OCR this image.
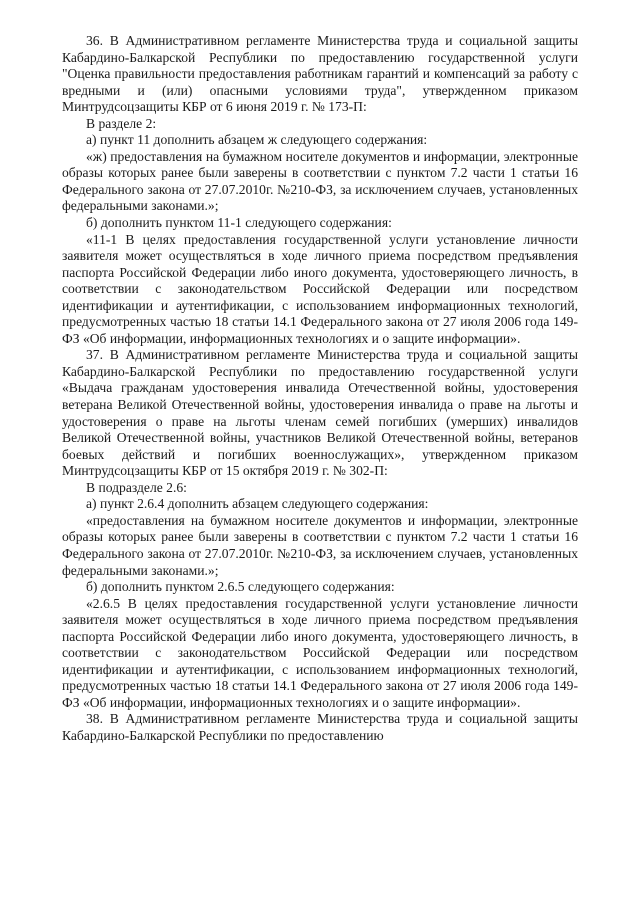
36. В Административном регламенте Министерства труда и социальной защиты Кабардино-Балкарской Республики по предоставлению государственной услуги "Оценка правильности предоставления работникам гарантий и компенсаций за работу с вредными и (или) опасными условиями труда", утвержденном приказом Минтрудсоцзащиты КБР от 6 июня 2019 г. № 173-П:

В разделе 2:

а) пункт 11 дополнить абзацем ж следующего содержания:

«ж) предоставления на бумажном носителе документов и информации, электронные образы которых ранее были заверены в соответствии с пунктом 7.2 части 1 статьи 16 Федерального закона от 27.07.2010г. №210-ФЗ, за исключением случаев, установленных федеральными законами.»;

б) дополнить пунктом 11-1 следующего содержания:

«11-1 В целях предоставления государственной услуги установление личности заявителя может осуществляться в ходе личного приема посредством предъявления паспорта Российской Федерации либо иного документа, удостоверяющего личность, в соответствии с законодательством Российской Федерации или посредством идентификации и аутентификации, с использованием информационных технологий, предусмотренных частью 18 статьи 14.1 Федерального закона от 27 июля 2006 года 149-ФЗ «Об информации, информационных технологиях и о защите информации».

37. В Административном регламенте Министерства труда и социальной защиты Кабардино-Балкарской Республики по предоставлению государственной услуги «Выдача гражданам удостоверения инвалида Отечественной войны, удостоверения ветерана Великой Отечественной войны, удостоверения инвалида о праве на льготы и удостоверения о праве на льготы членам семей погибших (умерших) инвалидов Великой Отечественной войны, участников Великой Отечественной войны, ветеранов боевых действий и погибших военнослужащих», утвержденном приказом Минтрудсоцзащиты КБР от 15 октября 2019 г. № 302-П:

В подразделе 2.6:

а) пункт 2.6.4 дополнить абзацем следующего содержания:

«предоставления на бумажном носителе документов и информации, электронные образы которых ранее были заверены в соответствии с пунктом 7.2 части 1 статьи 16 Федерального закона от 27.07.2010г. №210-ФЗ, за исключением случаев, установленных федеральными законами.»;

б) дополнить пунктом 2.6.5 следующего содержания:

«2.6.5 В целях предоставления государственной услуги установление личности заявителя может осуществляться в ходе личного приема посредством предъявления паспорта Российской Федерации либо иного документа, удостоверяющего личность, в соответствии с законодательством Российской Федерации или посредством идентификации и аутентификации, с использованием информационных технологий, предусмотренных частью 18 статьи 14.1 Федерального закона от 27 июля 2006 года 149-ФЗ «Об информации, информационных технологиях и о защите информации».

38. В Административном регламенте Министерства труда и социальной защиты Кабардино-Балкарской Республики по предоставлению
